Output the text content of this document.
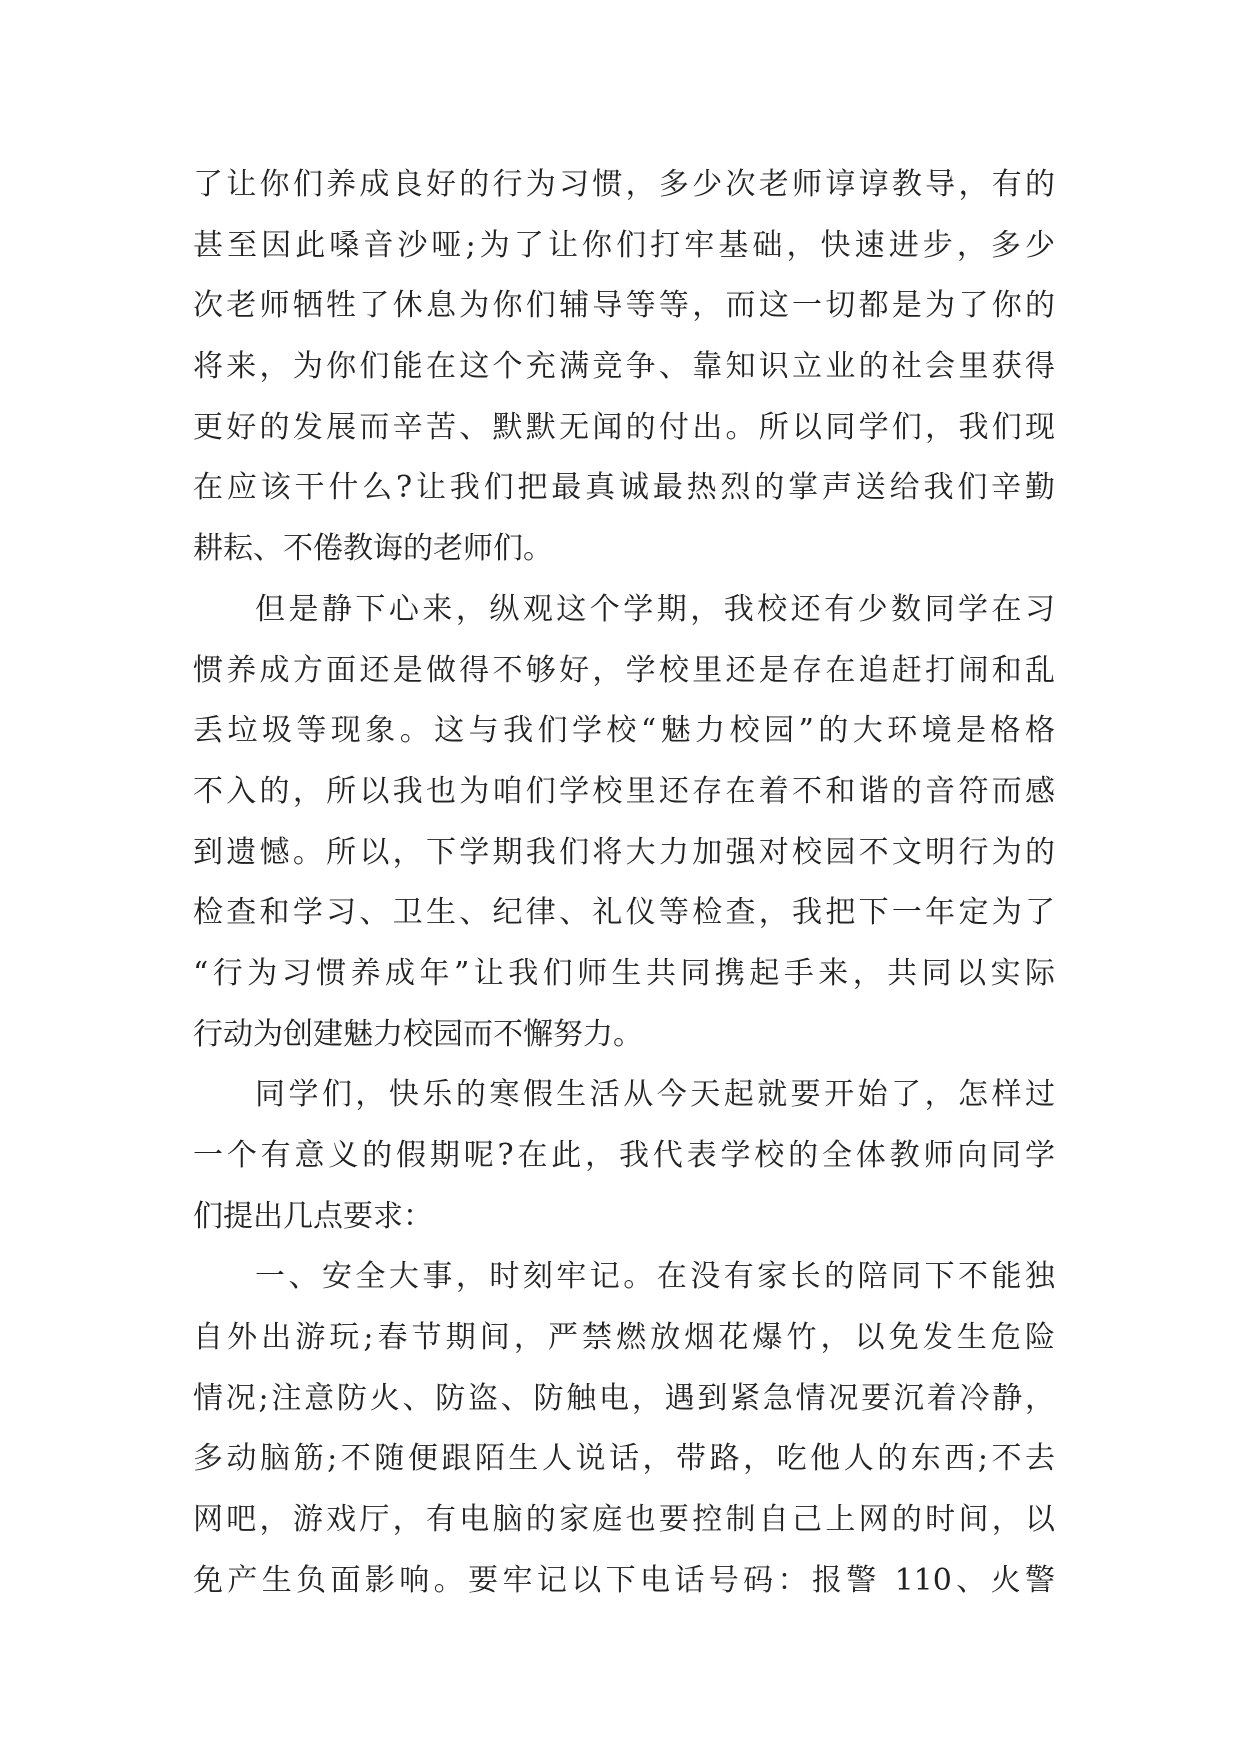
了让你们养成良好的行为习惯，多少次老师谆谆教导，有的
甚至因此嗓音沙哑;为了让你们打牢基础，快速进步，多少
次老师牺牲了休息为你们辅导等等，而这一切都是为了你的
将来，为你们能在这个充满竞争、靠知识立业的社会里获得
更好的发展而辛苦、默默无闻的付出。所以同学们，我们现
在应该干什么?让我们把最真诚最热烈的掌声送给我们辛勤
耕耘、不倦教诲的老师们。
但是静下心来，纵观这个学期，我校还有少数同学在习
惯养成方面还是做得不够好，学校里还是存在追赶打闹和乱
丢垃圾等现象。这与我们学校“魅力校园”的大环境是格格
不入的，所以我也为咱们学校里还存在着不和谐的音符而感
到遗憾。所以，下学期我们将大力加强对校园不文明行为的
检查和学习、卫生、纪律、礼仪等检查，我把下一年定为了
“行为习惯养成年”让我们师生共同携起手来，共同以实际
行动为创建魅力校园而不懈努力。
同学们，快乐的寒假生活从今天起就要开始了，怎样过
一个有意义的假期呢?在此，我代表学校的全体教师向同学
们提出几点要求：
一、安全大事，时刻牢记。在没有家长的陪同下不能独
自外出游玩;春节期间，严禁燃放烟花爆竹，以免发生危险
情况;注意防火、防盗、防触电，遇到紧急情况要沉着冷静，
多动脑筋;不随便跟陌生人说话，带路，吃他人的东西;不去
网吧，游戏厅，有电脑的家庭也要控制自己上网的时间，以
免产生负面影响。要牢记以下电话号码：报警 110、火警
